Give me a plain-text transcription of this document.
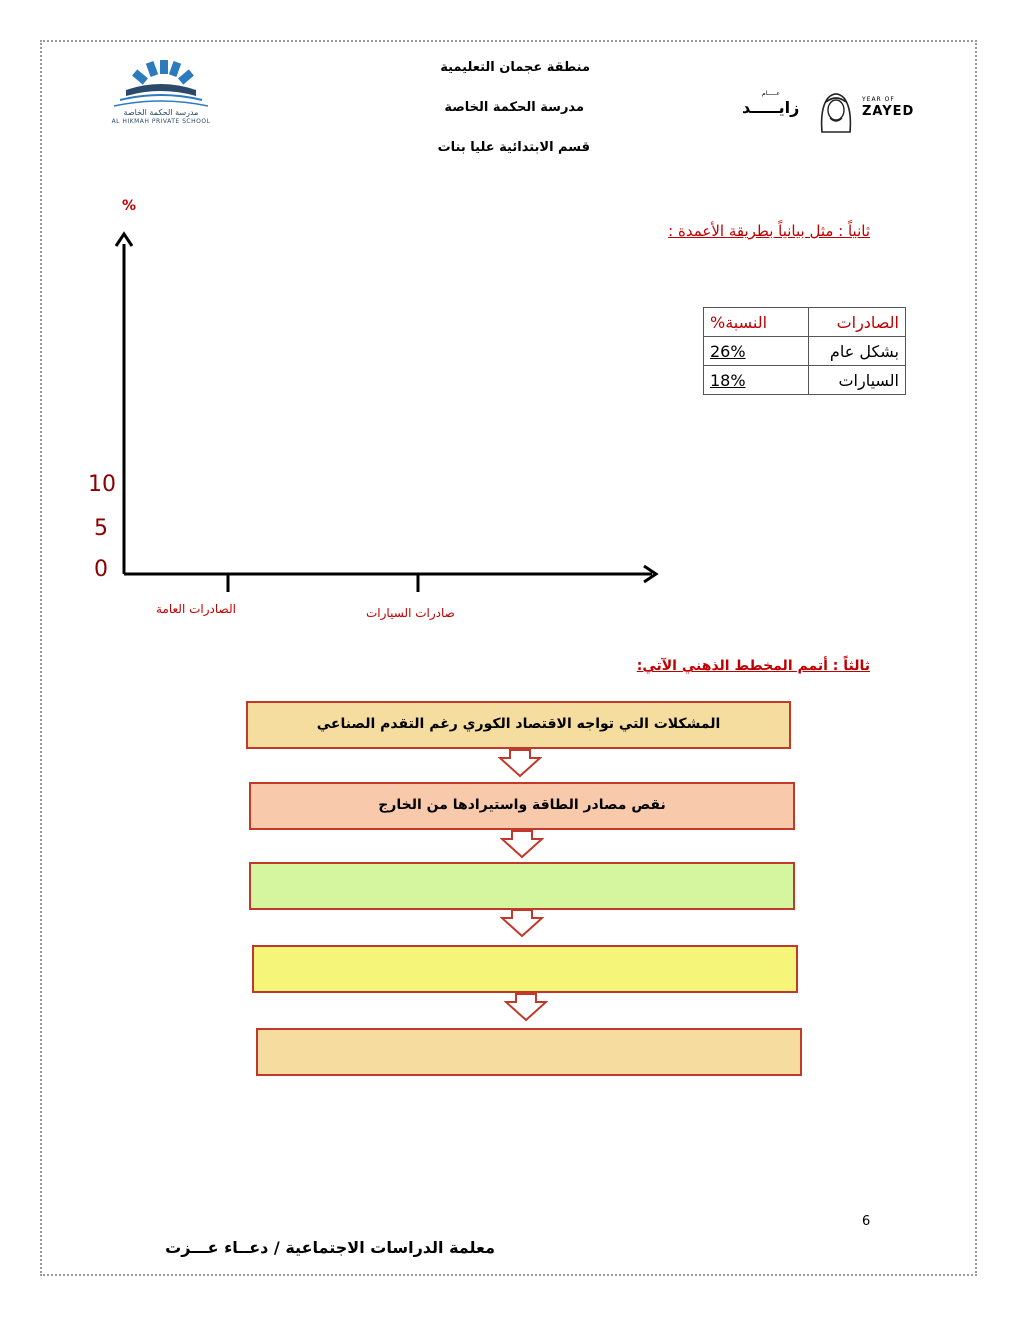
منطقة عجمان التعليمية
مدرسة الحكمة الخاصة
قسم الابتدائية عليا بنات
مدرسة الحكمة الخاصة
AL HIKMAH PRIVATE SCHOOL
عـــــام
زايـــــد	YEAR OF
ZAYED
ثانياً : مثل بيانياً بطريقة الأعمدة :
%
10
5
0
الصادرات العامة	صادرات السيارات
الصادرات	النسبة%
بشكل عام	26%
السيارات	18%
ثالثاً : أتمم المخطط الذهني الآتي:
المشكلات التي تواجه الاقتصاد الكوري رغم التقدم الصناعي
نقص مصادر الطاقة واستيرادها من الخارج
6
معلمة الدراسات الاجتماعية / دعــاء عـــزت
